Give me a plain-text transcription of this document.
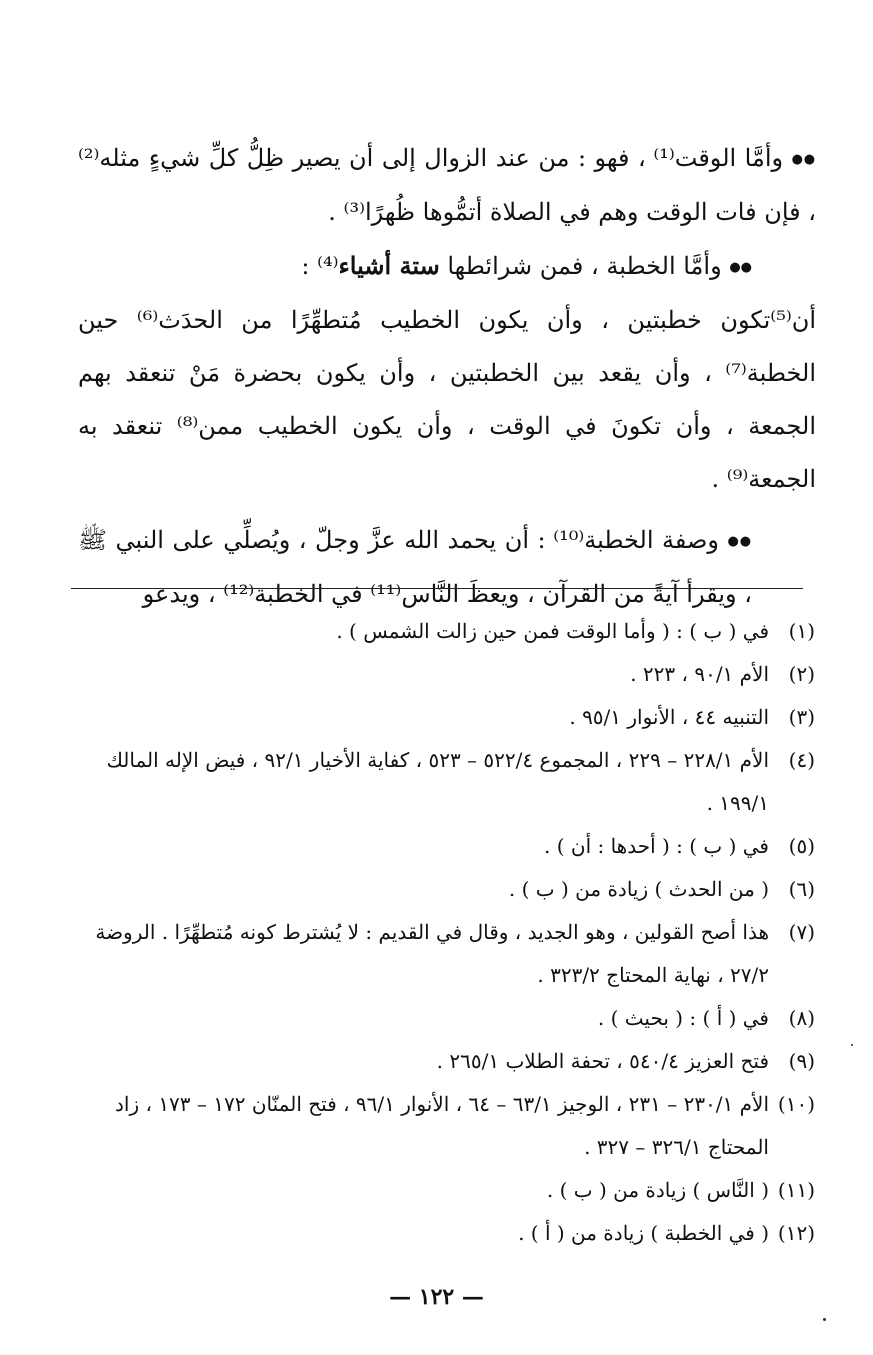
●● وأمَّا الوقت⁽¹⁾ ، فهو : من عند الزوال إلى أن يصير ظِلُّ كلِّ شيءٍ مثله⁽²⁾ ، فإن فات الوقت وهم في الصلاة أتمُّوها ظُهرًا⁽³⁾ .

●● وأمَّا الخطبة ، فمن شرائطها ستة أشياء⁽⁴⁾ :

أن⁽⁵⁾تكون خطبتين ، وأن يكون الخطيب مُتطهِّرًا من الحدَث⁽⁶⁾ حين الخطبة⁽⁷⁾ ، وأن يقعد بين الخطبتين ، وأن يكون بحضرة مَنْ تنعقد بهم الجمعة ، وأن تكونَ في الوقت ، وأن يكون الخطيب ممن⁽⁸⁾ تنعقد به الجمعة⁽⁹⁾ .

●● وصفة الخطبة⁽¹⁰⁾ : أن يحمد الله عزَّ وجلّ ، ويُصلِّي على النبي ﷺ ، ويقرأ آيةً من القرآن ، ويعظَ النَّاس⁽¹¹⁾ في الخطبة⁽¹²⁾ ، ويدعو

(١)
في ( ب ) : ( وأما الوقت فمن حين زالت الشمس ) .
(٢)
الأم ٩٠/١ ، ٢٢٣ .
(٣)
التنبيه ٤٤ ، الأنوار ٩٥/١ .
(٤)
الأم ٢٢٨/١ – ٢٢٩ ، المجموع ٥٢٢/٤ – ٥٢٣ ، كفاية الأخيار ٩٢/١ ، فيض الإله المالك ١٩٩/١ .
(٥)
في ( ب ) : ( أحدها : أن ) .
(٦)
( من الحدث ) زيادة من ( ب ) .
(٧)
هذا أصح القولين ، وهو الجديد ، وقال في القديم : لا يُشترط كونه مُتطهِّرًا . الروضة ٢٧/٢ ، نهاية المحتاج ٣٢٣/٢ .
(٨)
في ( أ ) : ( بحيث ) .
(٩)
فتح العزيز ٥٤٠/٤ ، تحفة الطلاب ٢٦٥/١ .
(١٠)
الأم ٢٣٠/١ – ٢٣١ ، الوجيز ٦٣/١ – ٦٤ ، الأنوار ٩٦/١ ، فتح المنّان ١٧٢ – ١٧٣ ، زاد المحتاج ٣٢٦/١ – ٣٢٧ .
(١١)
( النَّاس ) زيادة من ( ب ) .
(١٢)
( في الخطبة ) زيادة من ( أ ) .
— ١٢٢ —
